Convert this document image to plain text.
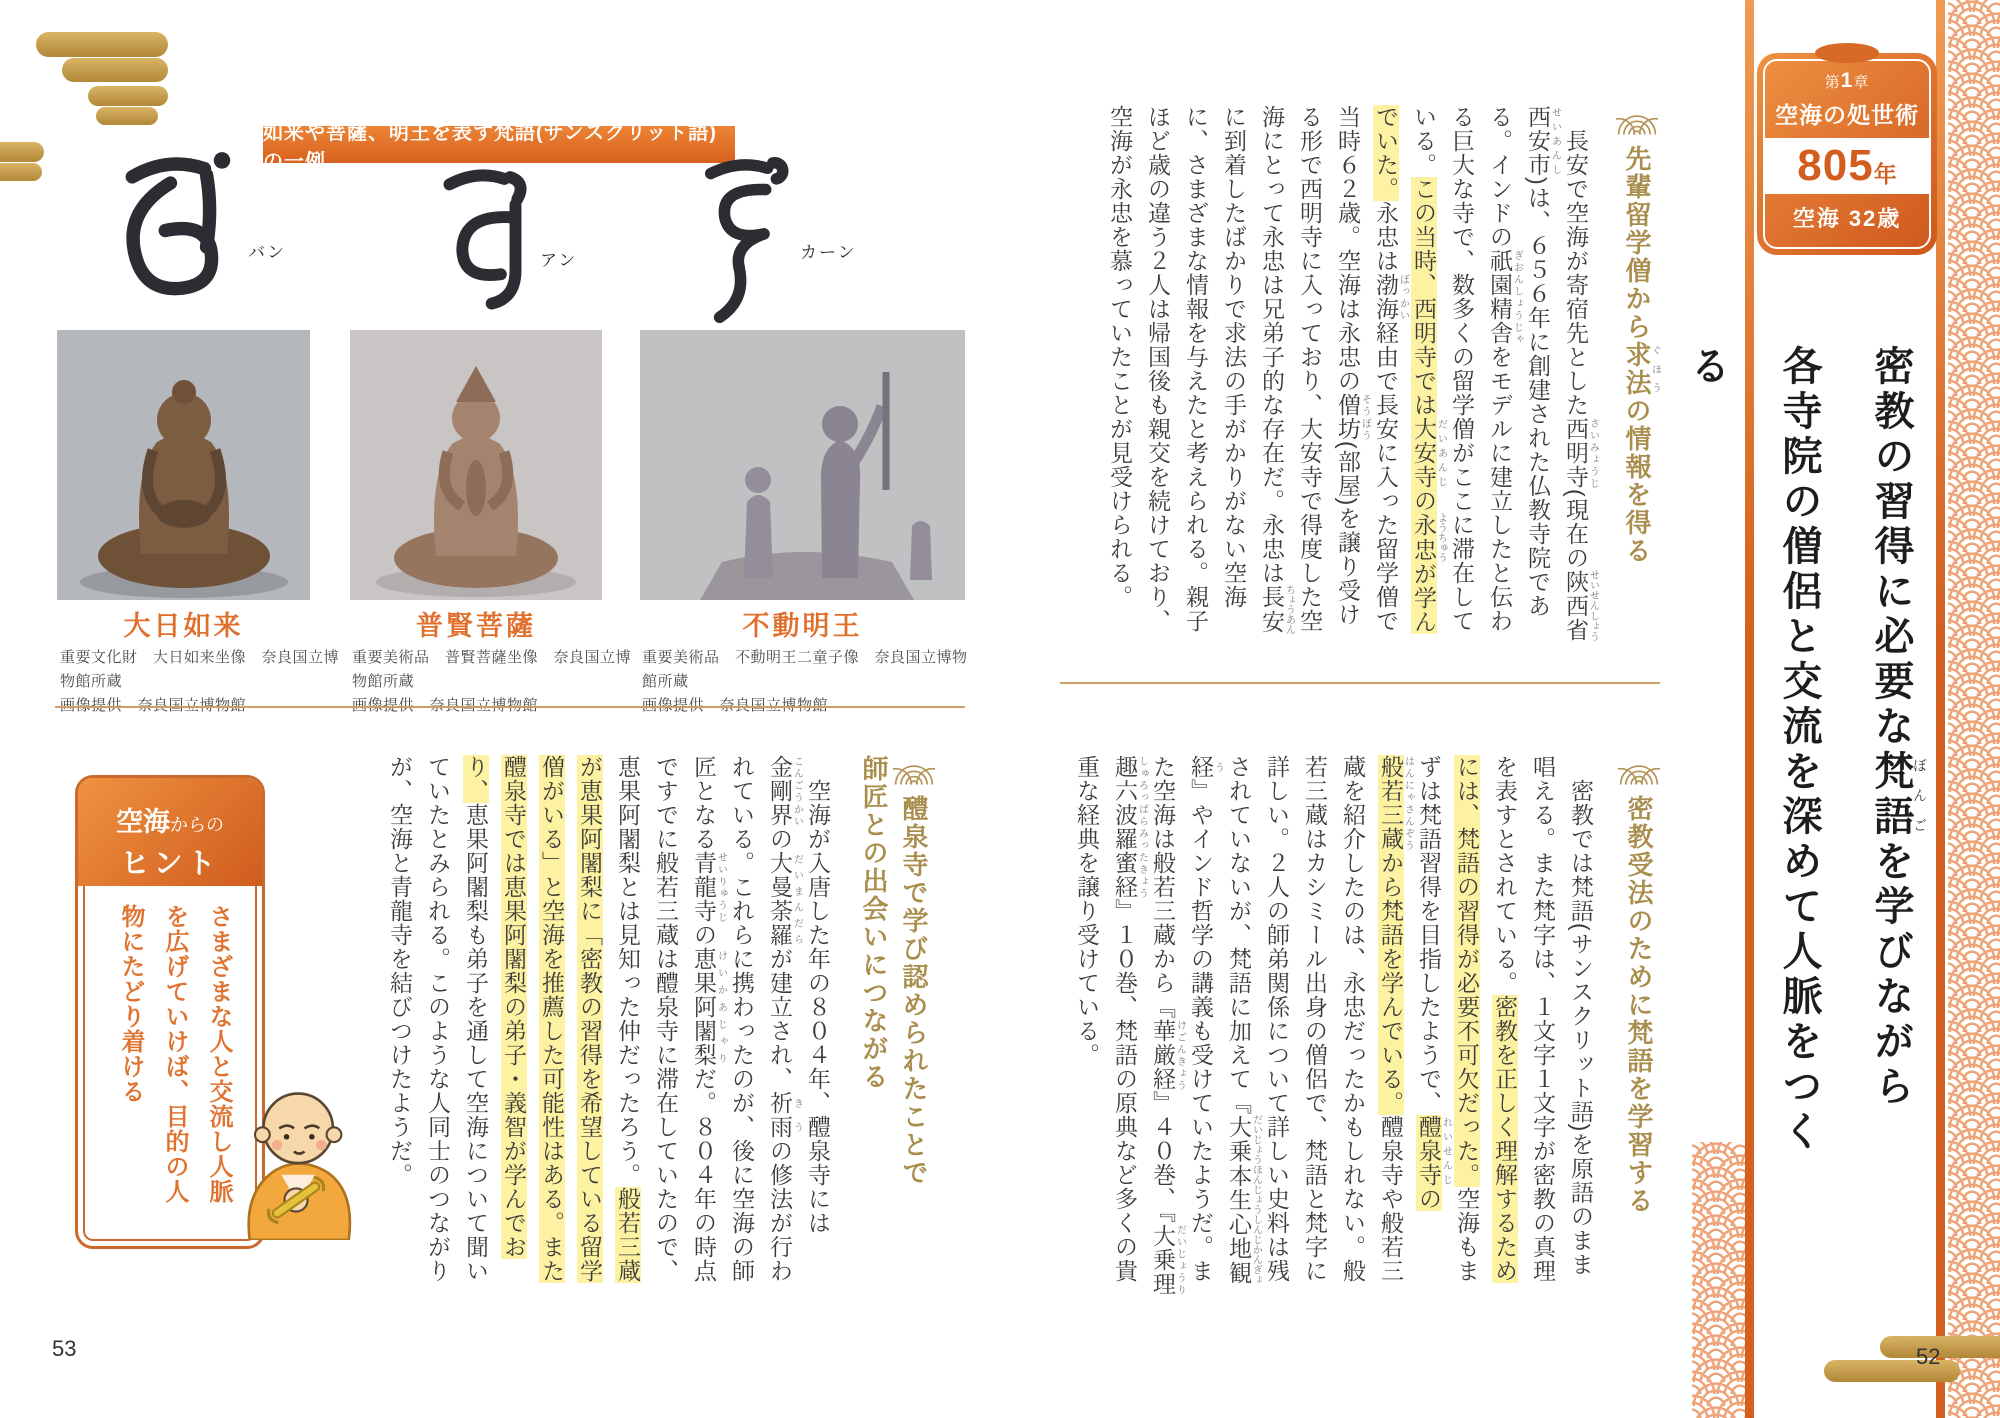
如来や菩薩、明王を表す梵語(サンスクリット語)の一例
バン	アン	カーン
大日如来	普賢菩薩	不動明王
重要文化財　大日如来坐像　奈良国立博物館所蔵
重要美術品　普賢菩薩坐像　奈良国立博物館所蔵
重要美術品　不動明王二童子像　奈良国立博物館所蔵
醴泉寺で学び認められたことで
師匠との出会いにつながる
　空海が入唐した年の８０４年、醴泉寺には金剛界こんごうかいの大曼荼羅だいまんだらが建立され、祈雨きうの修法が行われている。これらに携わったのが、後に空海の師匠となる青龍寺せいりゅうじの恵果阿闍梨けいかあじゃりだ。８０４年の時点ですでに般若三蔵は醴泉寺に滞在していたので、恵果阿闍梨とは見知った仲だったろう。般若三蔵が恵果阿闍梨に「密教の習得を希望している留学僧がいる」と空海を推薦した可能性はある。また醴泉寺では恵果阿闍梨の弟子・義智が学んでおり、恵果阿闍梨も弟子を通して空海について聞いていたとみられる。このような人同士のつながりが、空海と青龍寺を結びつけたようだ。
空海からの
ヒント
さまざまな人と交流し人脈を広げていけば、目的の人物にたどり着ける
53
先輩留学僧から求法ぐほうの情報を得る
　長安で空海が寄宿先とした西明寺さいみょうじ(現在の陝西省せいせんしょう西安市せいあんし)は、６５６年に創建された仏教寺院である。インドの祇園精舎ぎおんしょうじゃをモデルに建立したと伝わる巨大な寺で、数多くの留学僧がここに滞在している。この当時、西明寺では大安寺だいあんじの永忠ようちゅうが学んでいた。永忠は渤海ぼっかい経由で長安に入った留学僧で当時６２歳。空海は永忠の僧坊そうぼう(部屋)を譲り受ける形で西明寺に入っており、大安寺で得度した空海にとって永忠は兄弟子的な存在だ。永忠は長安ちょうあんに到着したばかりで求法の手がかりがない空海に、さまざまな情報を与えたと考えられる。親子ほど歳の違う２人は帰国後も親交を続けており、空海が永忠を慕っていたことが見受けられる。
密教受法のために梵語を学習する
　密教では梵語(サンスクリット語)を原語のまま唱える。また梵字は、１文字１文字が密教の真理を表すとされている。密教を正しく理解するためには、梵語の習得が必要不可欠だった。空海もまずは梵語習得を目指したようで、醴泉寺れいせんじの般若三蔵はんにゃさんぞうから梵語を学んでいる。醴泉寺や般若三蔵を紹介したのは、永忠だったかもしれない。般若三蔵はカシミール出身の僧侶で、梵語と梵字に詳しい。２人の師弟関係について詳しい史料は残されていないが、梵語に加えて『大乗本生心地観経だいじょうほんじょうしんじかんぎょう』やインド哲学の講義も受けていたようだ。また空海は般若三蔵から『華厳経けごんきょう』４０巻、『大乗理趣六波羅蜜経だいじょうりしゅろっぱらみったきょう』１０巻、梵語の原典など多くの貴重な経典を譲り受けている。
第1章
空海の処世術
805 年
空海 32歳
密教の習得に必要な梵語ぼんごを学びながら
各寺院の僧侶と交流を深めて人脈をつくる
52
